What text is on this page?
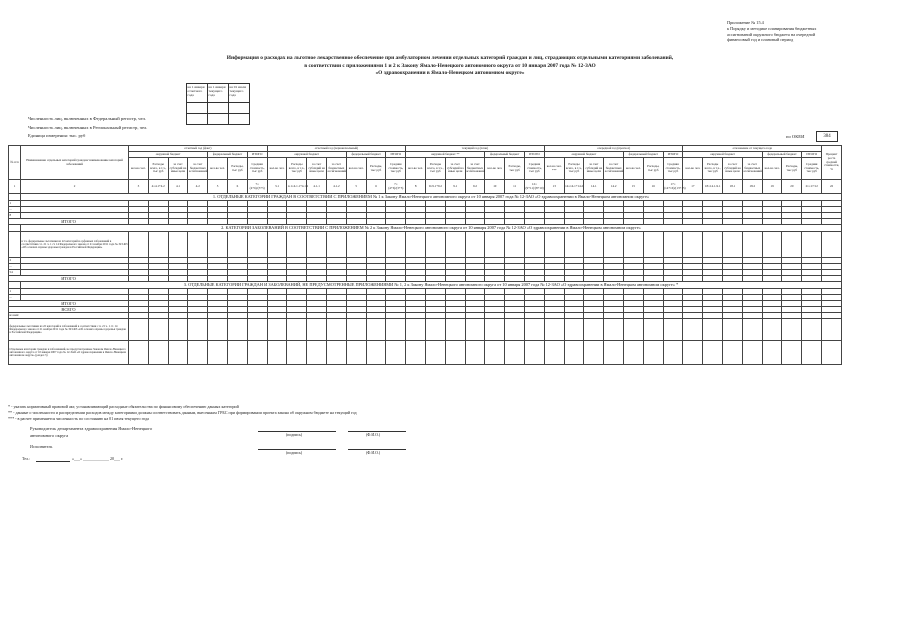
Приложение № 15.4
к Порядку и методике планирования бюджетных
ассигнований окружного бюджета на очередной
финансовый год и плановый период
Информация о расходах на льготное лекарственное обеспечение при амбулаторном лечении отдельных категорий граждан и лиц, страдающих отдельными категориями заболеваний,
в соответствии с приложениями 1 и 2 к Закону Ямало-Ненецкого автономного округа от 10 января 2007 года № 12-ЗАО
«О здравоохранении в Ямало-Ненецком автономном округе»
на 1 января отчетного года	на 1 января текущего года	на 01 июля текущего года

Численность лиц, включенных в Федеральный регистр, чел.
Численность лиц, включенных в Региональный регистр, чел.
Единица измерения: тыс. руб	по ОКЕИ	384
№ п/п	Наименование отдельных категорий граждан/ наименование категорий заболеваний	отчетный год (факт)							отчетный год (первоначальный)							текущий год (план)							очередной год (прогноз)							отклонение от текущего года							Процент роста средней стоимости, %
		окружной бюджет				федеральный бюджет		ИТОГО	окружной бюджет				федеральный бюджет		ИТОГО	окружной бюджет **				федеральный бюджет		ИТОГО	окружной бюджет				федеральный бюджет		ИТОГО	окружной бюджет				федеральный бюджет		ИТОГО	
		кол-во чел.	Расходы всего, в т.ч., тыс руб	за счет субсидий на иные цели	за счет бюджетных ассигнований	кол-во чел.	Расходы, тыс руб	Средняя стоимость, тыс руб	кол-во чел.	Расходы всего, в т.ч., тыс руб	за счет субсидий на иные цели	за счет бюджетных ассигнований	кол-во чел.	Расходы, тыс руб	Средняя стоимость, тыс руб	кол-во чел.	Расходы всего, в т.ч., тыс руб	за счет субсидий на иные цели	за счет бюджетных ассигнований	кол-во чел.	Расходы, тыс руб	Средняя стоимость, тыс руб	кол-во чел. ***	Расходы всего, в т.ч., тыс руб	за счет субсидий на иные цели	за счет бюджетных ассигнований	кол-во чел.	Расходы, тыс руб	Средняя стоимость, тыс руб	кол-во чел.	Расходы всего, в т.ч., тыс руб	за счет субсидий на иные цели	за счет бюджетных ассигнований	кол-во чел.	Расходы, тыс руб	Средняя стоимость, тыс руб	
1	2	3	4=4.1+4.2	4.1	4.2	5	6	7=(4+6)/(3+5)	3.1	4.1=4.1.1+4.1.2	4.1.1	4.1.2	5	6	7=(4+6)/(3+5)	8	9=9.1+9.2	9.1	9.2	10	11	12=(9+11)/(8+10)	13	14=14.1+14.2	14.1	14.2	15	16	17=(14+16)/(13+15)	17	18=14.1-9.1	18.1	18.2	19	20	21=17/12	22
	1. ОТДЕЛЬНЫЕ КАТЕГОРИИ ГРАЖДАН В СООТВЕТСТВИИ С ПРИЛОЖЕНИЕМ № 1 к Закону Ямало-Ненецкого автономного округа от 10 января 2007 года № 12-ЗАО «О здравоохранении в Ямало-Ненецком автономном округе»																																				
1																																					
...																																					
8																																					
ИТОГО																																					
	2. КАТЕГОРИИ ЗАБОЛЕВАНИЙ В СООТВЕТСТВИИ С ПРИЛОЖЕНИЕМ № 2 к Закону Ямало-Ненецкого автономного округа от 10 января 2007 года № 12-ЗАО «О здравоохранении в Ямало-Ненецком автономном округе»																																				
	в т.ч. федеральные льготники из 22 категорий и орфанных заболеваний в соответствии с п. 21 ч. 1 ст. 14 Федерального закона от 21 ноября 2011 года № 323-ФЗ «Об основах охраны здоровья граждан в Российской Федерации»																																				
2																																					
...																																					
54																																					
ИТОГО																																					
	3. ОТДЕЛЬНЫЕ КАТЕГОРИИ ГРАЖДАН И ЗАБОЛЕВАНИЙ, НЕ ПРЕДУСМОТРЕННЫЕ ПРИЛОЖЕНИЯМИ № 1, 2 к Закону Ямало-Ненецкого автономного округа от 10 января 2007 года № 12-ЗАО «О здравоохранении в Ямало-Ненецком автономном округе» *																																				
1																																					
...																																					
ИТОГО																																					
ВСЕГО																																					
из них:																																					
федеральные льготники из 22 категорий и заболеваний в соответствии с п. 21 ч. 1 ст. 14 Федерального закона от 21 ноября 2011 года № 323-ФЗ «Об основах охраны здоровья граждан в Российской Федерации»																																					
Отдельные категории граждан и заболеваний, не предусмотренные Законом Ямало-Ненецкого автономного округа от 10 января 2007 года № 12-ЗАО «О здравоохранении в Ямало-Ненецком автономном округе» (раздел 3)																																					
* - указать нормативный правовой акт, устанавливающий расходные обязательства по финансовому обеспечению данных категорий
** - данные о численности и распределении расходов между категориями должны соответствовать данным, внесенным ГРБС при формировании проекта закона об окружном бюджете на текущий год
*** - в расчет применяется численность по состоянию на 01 июля текущего года
Руководитель департамента здравоохранения Ямало-Ненецкого
автономного округа	(подпись)	(Ф.И.О.)
Исполнитель
(подпись)	(Ф.И.О.)
Тел.:	«___» _____________ 20___ г.
